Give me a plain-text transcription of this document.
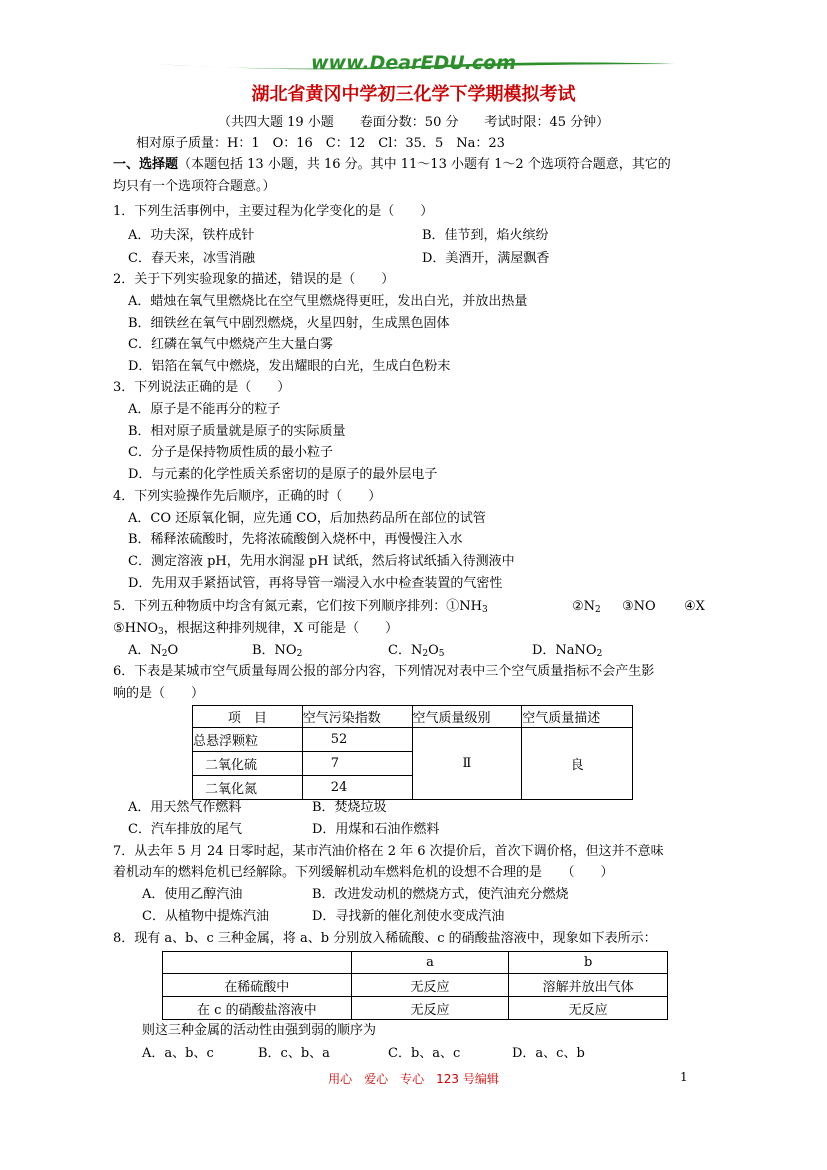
www.DearEDU.com
湖北省黄冈中学初三化学下学期模拟考试
（共四大题 19 小题　　卷面分数：50 分　　考试时限：45 分钟）
相对原子质量：H：1　O：16　C：12　Cl：35．5　Na：23
一、选择题（本题包括 13 小题，共 16 分。其中 11～13 小题有 1～2 个选项符合题意，其它的
均只有一个选项符合题意。）
1．下列生活事例中，主要过程为化学变化的是（　　）
A．功夫深，铁杵成针	B．佳节到，焰火缤纷
C．春天来，冰雪消融	D．美酒开，满屋飘香
2．关于下列实验现象的描述，错误的是（　　）
A．蜡烛在氧气里燃烧比在空气里燃烧得更旺，发出白光，并放出热量
B．细铁丝在氧气中剧烈燃烧，火星四射，生成黑色固体
C．红磷在氧气中燃烧产生大量白雾
D．铝箔在氧气中燃烧，发出耀眼的白光，生成白色粉末
3．下列说法正确的是（　　）
A．原子是不能再分的粒子
B．相对原子质量就是原子的实际质量
C．分子是保持物质性质的最小粒子
D．与元素的化学性质关系密切的是原子的最外层电子
4．下列实验操作先后顺序，正确的时（　　）
A．CO 还原氧化铜，应先通 CO，后加热药品所在部位的试管
B．稀释浓硫酸时，先将浓硫酸倒入烧杯中，再慢慢注入水
C．测定溶液 pH，先用水润湿 pH 试纸，然后将试纸插入待测液中
D．先用双手紧捂试管，再将导管一端浸入水中检查装置的气密性
5．下列五种物质中均含有氮元素，它们按下列顺序排列：$①NH_3$	$②N_2$ ③NO ④X
$⑤HNO_3$，根据这种排列规律，X 可能是（　　）
A．$N_2O$	B．$NO_2$	C．$N_2O_5$	D．NaNO$_2$
6．下表是某城市空气质量每周公报的部分内容，下列情况对表中三个空气质量指标不会产生影
响的是（　　）
项　目	空气污染指数	空气质量级别	空气质量描述
总悬浮颗粒	52	Ⅱ	良
二氧化硫	7		
二氧化氮	24		
A．用天然气作燃料	B．焚烧垃圾
C．汽车排放的尾气	D．用煤和石油作燃料
7．从去年 5 月 24 日零时起，某市汽油价格在 2 年 6 次提价后，首次下调价格，但这并不意味
着机动车的燃料危机已经解除。下列缓解机动车燃料危机的设想不合理的是　　（　　）
A．使用乙醇汽油	B．改进发动机的燃烧方式，使汽油充分燃烧
C．从植物中提炼汽油	D．寻找新的催化剂使水变成汽油
8．现有 a、b、c 三种金属，将 a、b 分别放入稀硫酸、c 的硝酸盐溶液中，现象如下表所示：
	a	b
在稀硫酸中	无反应	溶解并放出气体
在 c 的硝酸盐溶液中	无反应	无反应
则这三种金属的活动性由强到弱的顺序为
A．a、b、c	B．c、b、a	C．b、a、c	D．a、c、b
用心　爱心　专心　123 号编辑	1
